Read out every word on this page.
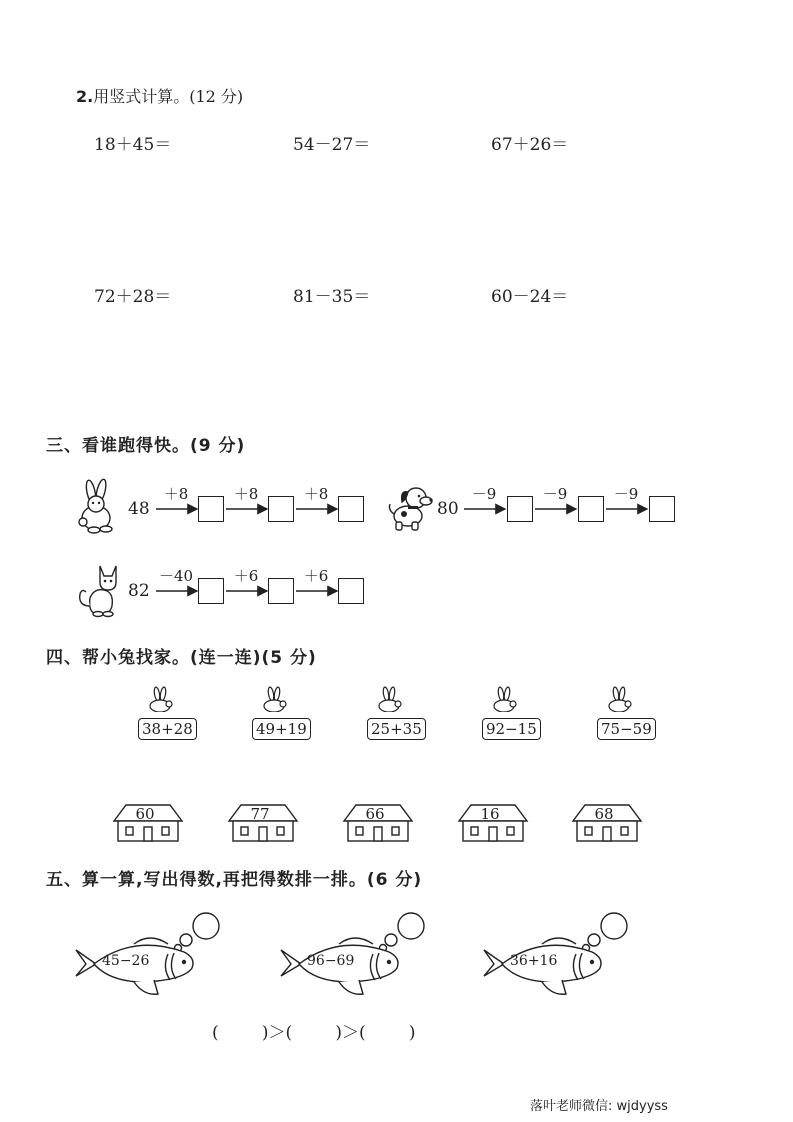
2.用竖式计算。(12 分)
18＋45＝	54－27＝	67＋26＝
72＋28＝	81－35＝	60－24＝
三、看谁跑得快。(9 分)
48
＋8	＋8	＋8
80
－9	－9	－9
82
－40	＋6	＋6
四、帮小兔找家。(连一连)(5 分)
38+28	49+19	25+35	92−15	75−59
60	77	66	16	68
五、算一算,写出得数,再把得数排一排。(6 分)
45−26	96−69	36+16
(        )＞(        )＞(        )
落叶老师微信: wjdyyss
